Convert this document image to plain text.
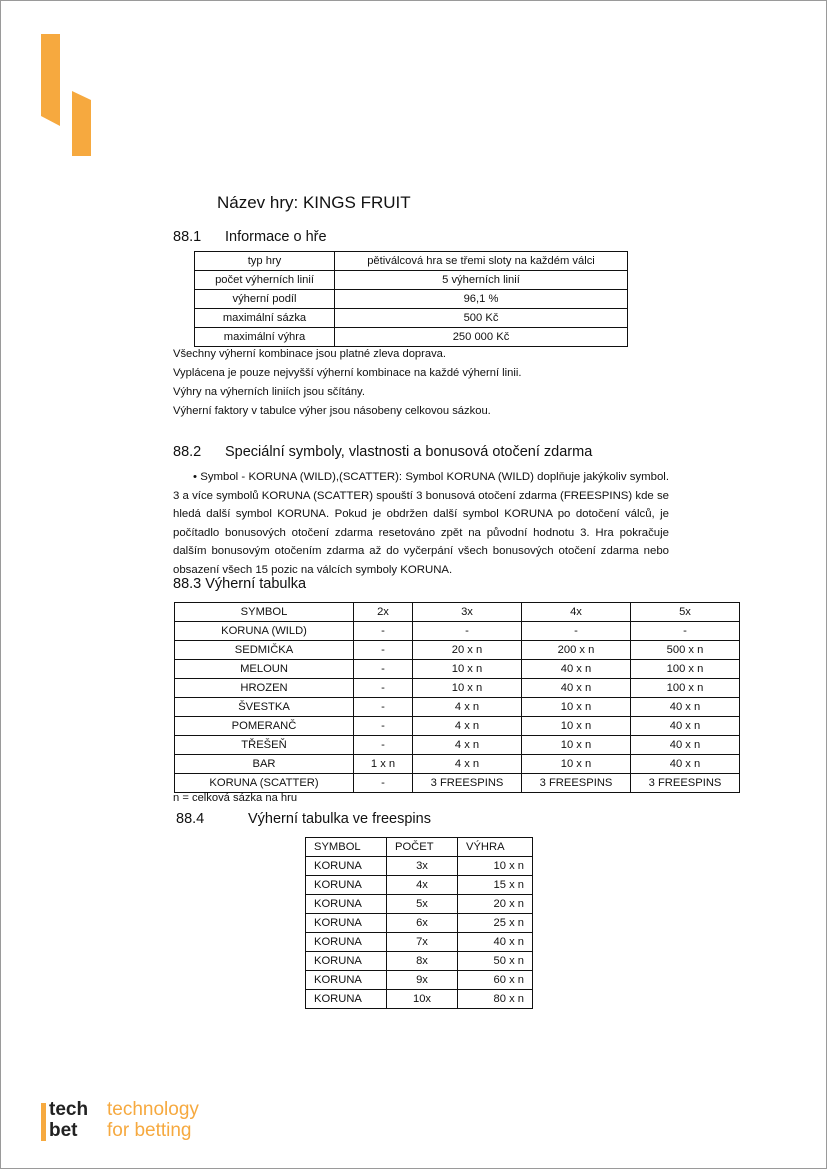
Název hry: KINGS FRUIT
88.1 Informace o hře
typ hry	pětiválcová hra se třemi sloty na každém válci
počet výherních linií	5 výherních linií
výherní podíl	96,1 %
maximální sázka	500 Kč
maximální výhra	250 000 Kč
Všechny výherní kombinace jsou platné zleva doprava.
Vyplácena je pouze nejvyšší výherní kombinace na každé výherní linii.
Výhry na výherních liniích jsou sčítány.
Výherní faktory v tabulce výher jsou násobeny celkovou sázkou.
88.2 Speciální symboly, vlastnosti a bonusová otočení zdarma
• Symbol - KORUNA (WILD),(SCATTER): Symbol KORUNA (WILD) doplňuje jakýkoliv symbol. 3 a více symbolů KORUNA (SCATTER) spouští 3 bonusová otočení zdarma (FREESPINS) kde se hledá další symbol KORUNA. Pokud je obdržen další symbol KORUNA po dotočení válců, je počítadlo bonusových otočení zdarma resetováno zpět na původní hodnotu 3. Hra pokračuje dalším bonusovým otočením zdarma až do vyčerpání všech bonusových otočení zdarma nebo obsazení všech 15 pozic na válcích symboly KORUNA.
88.3 Výherní tabulka
SYMBOL	2x	3x	4x	5x
KORUNA (WILD)	-	-	-	-
SEDMIČKA	-	20 x n	200 x n	500 x n
MELOUN	-	10 x n	40 x n	100 x n
HROZEN	-	10 x n	40 x n	100 x n
ŠVESTKA	-	4 x n	10 x n	40 x n
POMERANČ	-	4 x n	10 x n	40 x n
TŘEŠEŇ	-	4 x n	10 x n	40 x n
BAR	1 x n	4 x n	10 x n	40 x n
KORUNA (SCATTER)	-	3 FREESPINS	3 FREESPINS	3 FREESPINS
n = celková sázka na hru
88.4	Výherní tabulka ve freespins
SYMBOL	POČET	VÝHRA
KORUNA	3x	10 x n
KORUNA	4x	15 x n
KORUNA	5x	20 x n
KORUNA	6x	25 x n
KORUNA	7x	40 x n
KORUNA	8x	50 x n
KORUNA	9x	60 x n
KORUNA	10x	80 x n
tech
bet
technology
for betting
